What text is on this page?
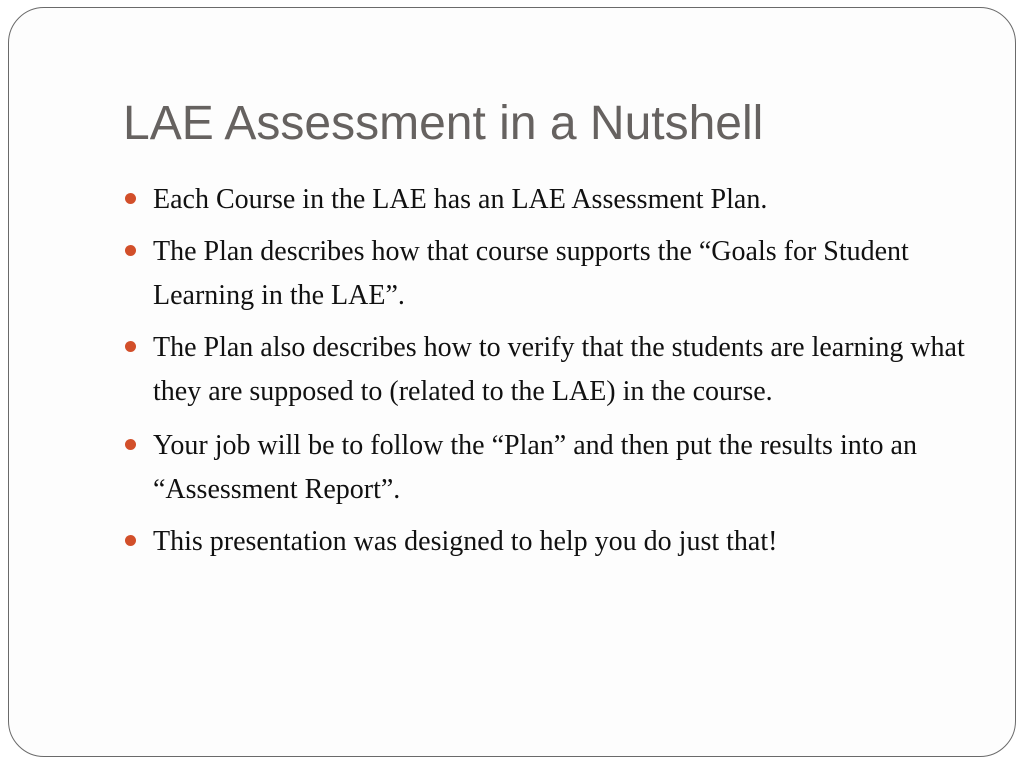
LAE Assessment in a Nutshell
Each Course in the LAE has an LAE Assessment Plan.
The Plan describes how that course supports the “Goals for Student Learning in the LAE”.
The Plan also describes how to verify that the students are learning what they are supposed to (related to the LAE) in the course.
Your job will be to follow the “Plan” and then put the results into an “Assessment Report”.
This presentation was designed to help you do just that!
